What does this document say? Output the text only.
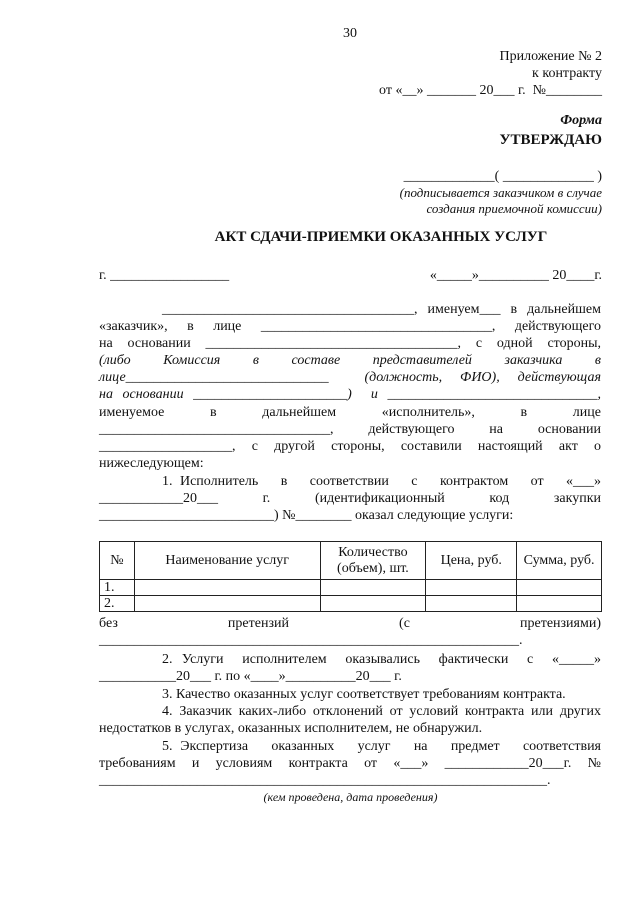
30
Приложение № 2
к контракту
от «__» _______ 20___ г.  №________
Форма
УТВЕРЖДАЮ
_____________( _____________ )
(подписывается заказчиком в случае
создания приемочной комиссии)
АКТ СДАЧИ-ПРИЕМКИ ОКАЗАННЫХ УСЛУГ
г. _________________	«_____»__________ 20____г.
____________________________________,  именуем___  в  дальнейшем
«заказчик», в лице _________________________________, действующего
на основании ____________________________________, с одной стороны,
(либо   Комиссия   в   составе   представителей   заказчика   в
лице_____________________________  (должность, ФИО), действующая
на основании ______________________)  и ______________________________,
именуемое       в       дальнейшем       «исполнитель»,       в       лице
_________________________________,     действующего     на     основании
___________________,  с  другой  стороны,  составили  настоящий  акт  о
нижеследующем:
1. Исполнитель   в   соответствии   с   контрактом   от   «___»
____________20___   г.   (идентификационный   код   закупки
_________________________) №________ оказал следующие услуги:
№	Наименование услуг	Количество (объем), шт.	Цена, руб.	Сумма, руб.
1.				
2.				
без               претензий               (с               претензиями)
____________________________________________________________.
2. Услуги  исполнителем  оказывались  фактически  с  «_____»
___________20___ г. по «____»__________20___ г.
3. Качество оказанных услуг соответствует требованиям контракта.
4. Заказчик каких-либо отклонений от условий контракта или других
недостатков в услугах, оказанных исполнителем, не обнаружил.
5. Экспертиза   оказанных   услуг   на   предмет   соответствия
требованиям  и  условиям  контракта  от  «___»  ____________20___г.  №
________________________________________________________________.
(кем проведена, дата проведения)
